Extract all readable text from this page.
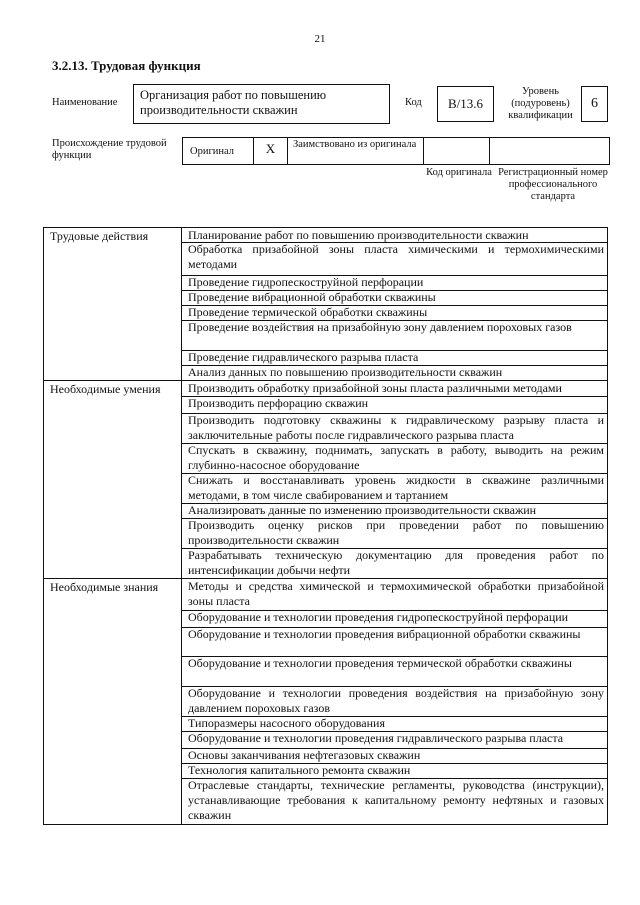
21
3.2.13. Трудовая функция
Наименование
Организация работ по повышению производительности скважин
Код	В/13.6
Уровень (подуровень) квалификации
6
Происхождение трудовой функции	Оригинал	X	Заимствовано из оригинала
Код оригинала Регистрационный номер профессионального стандарта
Трудовые действия	Планирование работ по повышению производительности скважин
Обработка призабойной зоны пласта химическими и термохимическими методами
Проведение гидропескоструйной перфорации
Проведение вибрационной обработки скважины
Проведение термической обработки скважины
Проведение воздействия на призабойную зону давлением пороховых газов
Проведение гидравлического разрыва пласта
Анализ данных по повышению производительности скважин
Необходимые умения	Производить обработку призабойной зоны пласта различными методами
Производить перфорацию скважин
Производить подготовку скважины к гидравлическому разрыву пласта и заключительные работы после гидравлического разрыва пласта
Спускать в скважину, поднимать, запускать в работу, выводить на режим глубинно-насосное оборудование
Снижать и восстанавливать уровень жидкости в скважине различными методами, в том числе свабированием и тартанием
Анализировать данные по изменению производительности скважин
Производить оценку рисков при проведении работ по повышению производительности скважин
Разрабатывать техническую документацию для проведения работ по интенсификации добычи нефти
Необходимые знания	Методы и средства химической и термохимической обработки призабойной зоны пласта
Оборудование и технологии проведения гидропескоструйной перфорации
Оборудование и технологии проведения вибрационной обработки скважины
Оборудование и технологии проведения термической обработки скважины
Оборудование и технологии проведения воздействия на призабойную зону давлением пороховых газов
Типоразмеры насосного оборудования
Оборудование и технологии проведения гидравлического разрыва пласта
Основы заканчивания нефтегазовых скважин
Технология капитального ремонта скважин
Отраслевые стандарты, технические регламенты, руководства (инструкции), устанавливающие требования к капитальному ремонту нефтяных и газовых скважин
